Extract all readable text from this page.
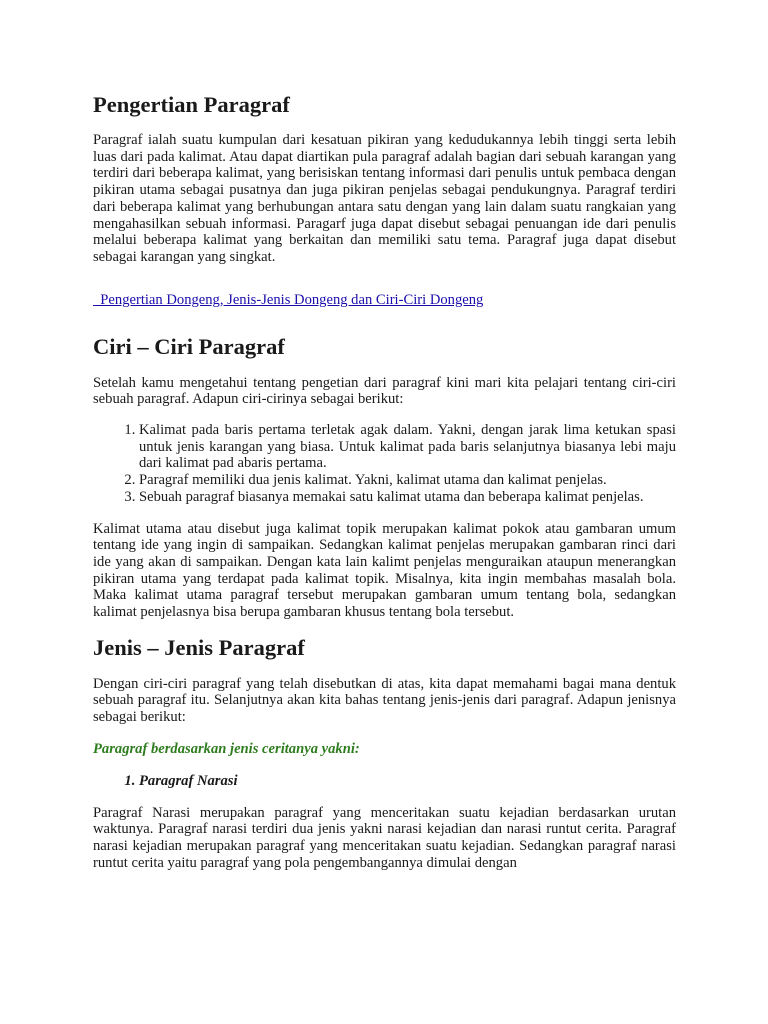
Pengertian Paragraf

Paragraf ialah suatu kumpulan dari kesatuan pikiran yang kedudukannya lebih tinggi serta lebih luas dari pada kalimat. Atau dapat diartikan pula paragraf adalah bagian dari sebuah karangan yang terdiri dari beberapa kalimat, yang berisiskan tentang informasi dari penulis untuk pembaca dengan pikiran utama sebagai pusatnya dan juga pikiran penjelas sebagai pendukungnya. Paragraf terdiri dari beberapa kalimat yang berhubungan antara satu dengan yang lain dalam suatu rangkaian yang mengahasilkan sebuah informasi. Paragarf juga dapat disebut sebagai penuangan ide dari penulis melalui beberapa kalimat yang berkaitan dan memiliki satu tema. Paragraf juga dapat disebut sebagai karangan yang singkat.

Pengertian Dongeng, Jenis-Jenis Dongeng dan Ciri-Ciri Dongeng
Ciri – Ciri Paragraf

Setelah kamu mengetahui tentang pengetian dari paragraf kini mari kita pelajari tentang ciri-ciri sebuah paragraf. Adapun ciri-cirinya sebagai berikut:

1. Kalimat pada baris pertama terletak agak dalam. Yakni, dengan jarak lima ketukan spasi untuk jenis karangan yang biasa. Untuk kalimat pada baris selanjutnya biasanya lebi maju dari kalimat pad abaris pertama.
2. Paragraf memiliki dua jenis kalimat. Yakni, kalimat utama dan kalimat penjelas.
3. Sebuah paragraf biasanya memakai satu kalimat utama dan beberapa kalimat penjelas.

Kalimat utama atau disebut juga kalimat topik merupakan kalimat pokok atau gambaran umum tentang ide yang ingin di sampaikan. Sedangkan kalimat penjelas merupakan gambaran rinci dari ide yang akan di sampaikan. Dengan kata lain kalimt penjelas menguraikan ataupun menerangkan pikiran utama yang terdapat pada kalimat topik. Misalnya, kita ingin membahas masalah bola. Maka kalimat utama paragraf tersebut merupakan gambaran umum tentang bola, sedangkan kalimat penjelasnya bisa berupa gambaran khusus tentang bola tersebut.

Jenis – Jenis Paragraf

Dengan ciri-ciri paragraf yang telah disebutkan di atas, kita dapat memahami bagai mana dentuk sebuah paragraf itu. Selanjutnya akan kita bahas tentang jenis-jenis dari paragraf. Adapun jenisnya sebagai berikut:

Paragraf berdasarkan jenis ceritanya yakni:
1. Paragraf Narasi

Paragraf Narasi merupakan paragraf yang menceritakan suatu kejadian berdasarkan urutan waktunya. Paragraf narasi terdiri dua jenis yakni narasi kejadian dan narasi runtut cerita. Paragraf narasi kejadian merupakan paragraf yang menceritakan suatu kejadian. Sedangkan paragraf narasi runtut cerita yaitu paragraf yang pola pengembangannya dimulai dengan
